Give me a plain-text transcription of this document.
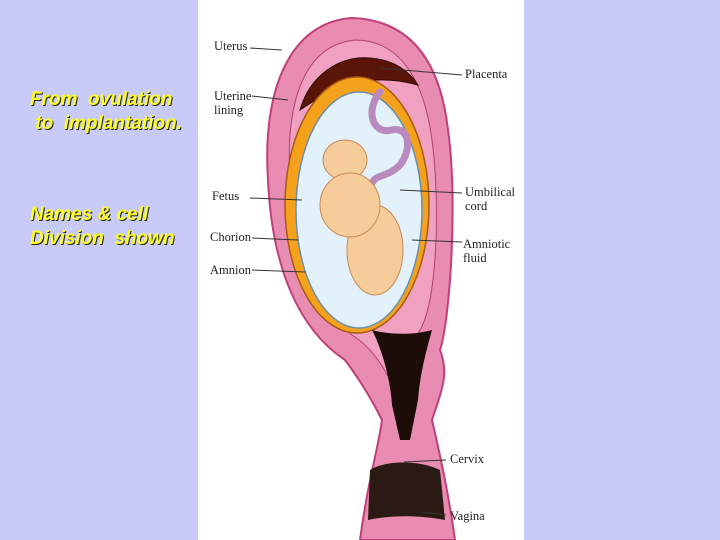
From  ovulation
to  implantation.
Names & cell
Division  shown
Uterus
Uterine lining
Fetus
Chorion
Amnion
Placenta
Umbilical cord
Amniotic fluid
Cervix
Vagina
